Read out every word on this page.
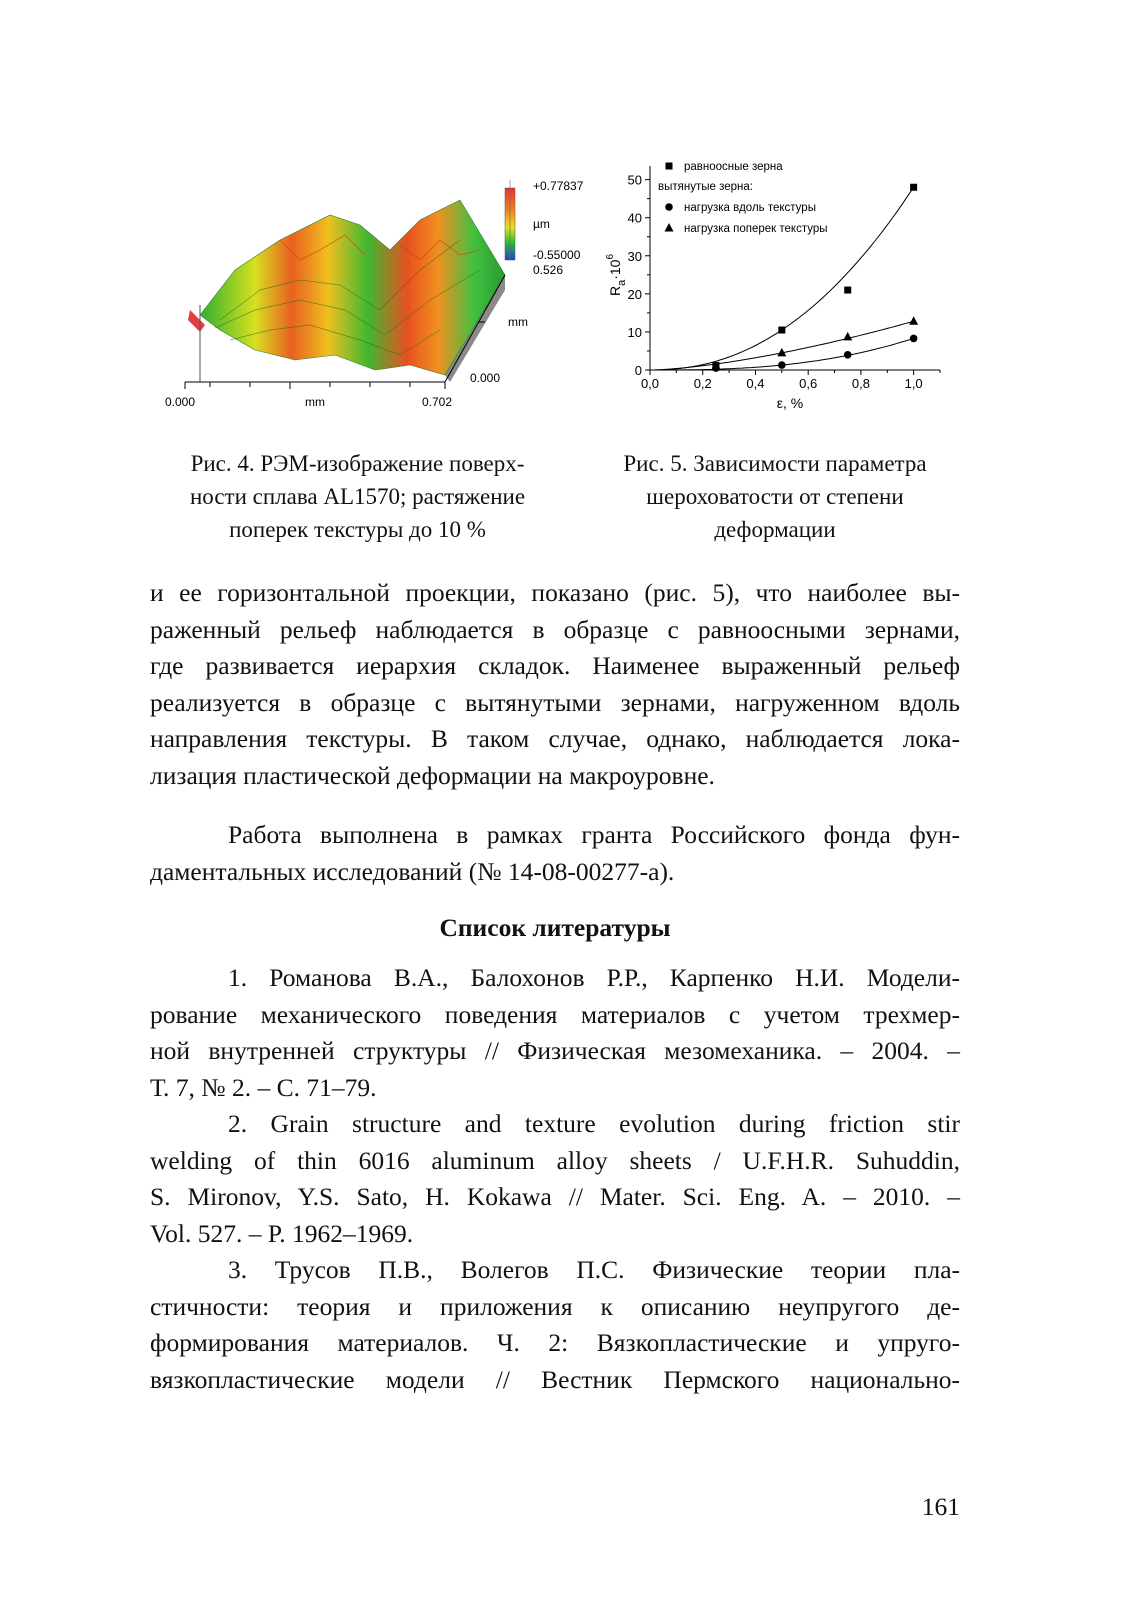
+0.77837
µm
-0.55000
0.526
mm
0.000
0.000	mm	0.702
0,0	0,2	0,4	0,6	0,8	1,0
0
10
20
30
40
50
равноосные зерна
вытянутые зерна:
нагрузка вдоль текстуры
нагрузка поперек текстуры
ε, %
$R_a\cdot 10^6$
Рис. 4. РЭМ-изображение поверх-
ности сплава AL1570; растяжение
поперек текстуры до 10 %
Рис. 5. Зависимости параметра
шероховатости от степени
деформации
и ее горизонтальной проекции, показано (рис. 5), что наиболее вы-
раженный рельеф наблюдается в образце с равноосными зернами,
где развивается иерархия складок. Наименее выраженный рельеф
реализуется в образце с вытянутыми зернами, нагруженном вдоль
направления текстуры. В таком случае, однако, наблюдается лока-
лизация пластической деформации на макроуровне.
Работа выполнена в рамках гранта Российского фонда фун-
даментальных исследований (№ 14-08-00277-а).
Список литературы
1. Романова В.А., Балохонов Р.Р., Карпенко Н.И. Модели-
рование механического поведения материалов с учетом трехмер-
ной внутренней структуры // Физическая мезомеханика. – 2004. –
Т. 7, № 2. – С. 71–79.
2. Grain structure and texture evolution during friction stir
welding of thin 6016 aluminum alloy sheets / U.F.H.R. Suhuddin,
S. Mironov, Y.S. Sato, H. Kokawa // Mater. Sci. Eng. A. – 2010. –
Vol. 527. – P. 1962–1969.
3. Трусов П.В., Волегов П.С. Физические теории пла-
стичности: теория и приложения к описанию неупругого де-
формирования материалов. Ч. 2: Вязкопластические и упруго-
вязкопластические модели // Вестник Пермского национально-
161
